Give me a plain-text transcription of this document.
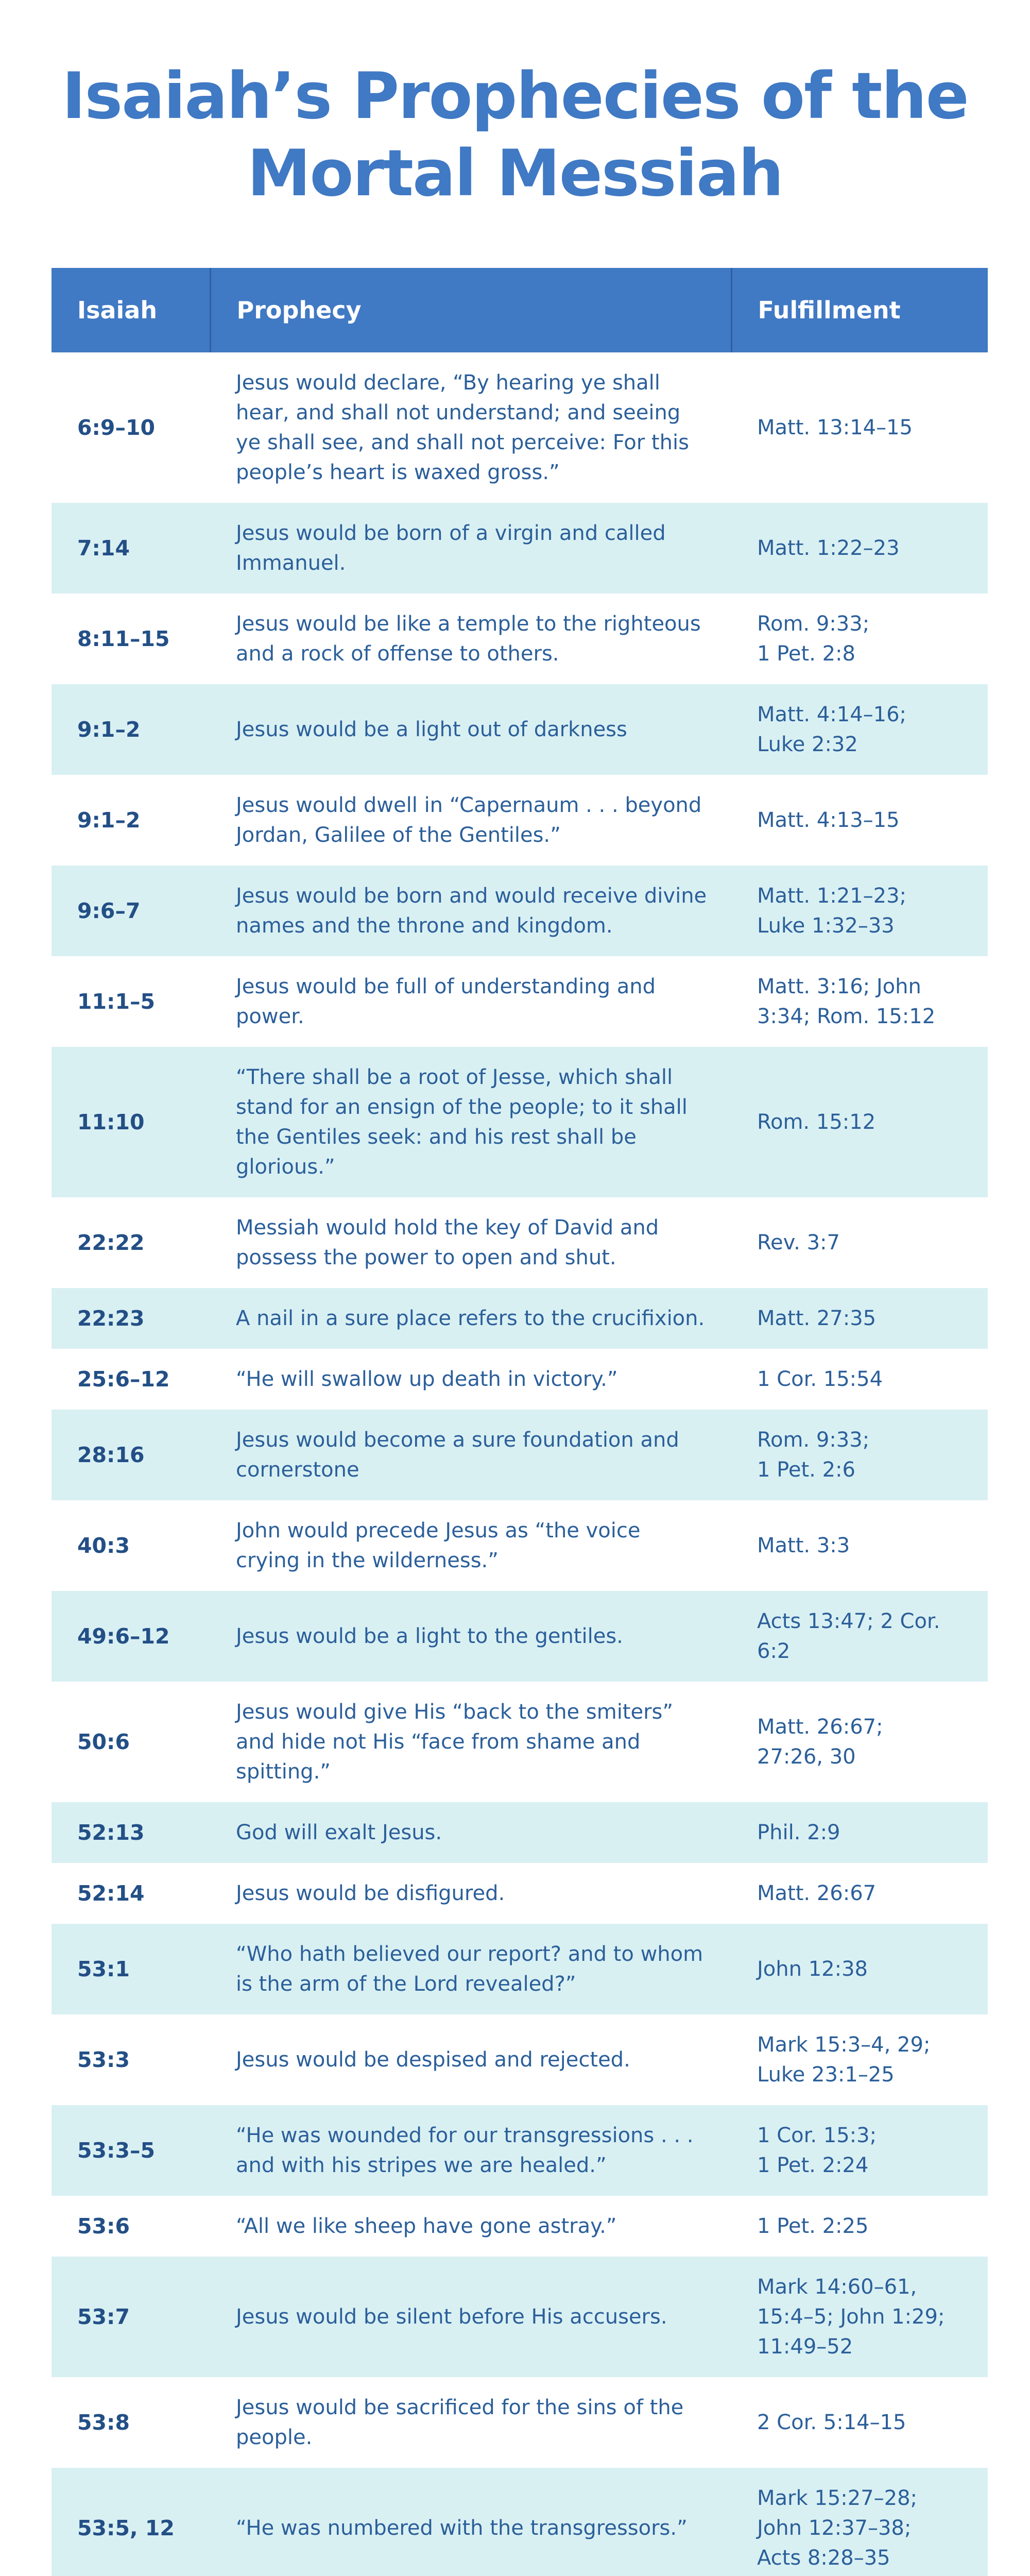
Isaiah’s Prophecies of the
Mortal Messiah
Isaiah	Prophecy	Fulfillment
6:9–10	Jesus would declare, “By hearing ye shall hear, and shall not understand; and seeing ye shall see, and shall not perceive: For this people’s heart is waxed gross.”	Matt. 13:14–15
7:14	Jesus would be born of a virgin and called Immanuel.	Matt. 1:22–23
8:11–15	Jesus would be like a temple to the righteous and a rock of offense to others.	Rom. 9:33;
1 Pet. 2:8
9:1–2	Jesus would be a light out of darkness	Matt. 4:14–16;
Luke 2:32
9:1–2	Jesus would dwell in “Capernaum . . . beyond Jordan, Galilee of the Gentiles.”	Matt. 4:13–15
9:6–7	Jesus would be born and would receive divine names and the throne and kingdom.	Matt. 1:21–23;
Luke 1:32–33
11:1–5	Jesus would be full of understanding and power.	Matt. 3:16; John 3:34; Rom. 15:12
11:10	“There shall be a root of Jesse, which shall stand for an ensign of the people; to it shall the Gentiles seek: and his rest shall be glorious.”	Rom. 15:12
22:22	Messiah would hold the key of David and possess the power to open and shut.	Rev. 3:7
22:23	A nail in a sure place refers to the crucifixion.	Matt. 27:35
25:6–12	“He will swallow up death in victory.”	1 Cor. 15:54
28:16	Jesus would become a sure foundation and cornerstone	Rom. 9:33;
1 Pet. 2:6
40:3	John would precede Jesus as “the voice crying in the wilderness.”	Matt. 3:3
49:6–12	Jesus would be a light to the gentiles.	Acts 13:47; 2 Cor. 6:2
50:6	Jesus would give His “back to the smiters” and hide not His “face from shame and spitting.”	Matt. 26:67;
27:26, 30
52:13	God will exalt Jesus.	Phil. 2:9
52:14	Jesus would be disfigured.	Matt. 26:67
53:1	“Who hath believed our report? and to whom is the arm of the Lord revealed?”	John 12:38
53:3	Jesus would be despised and rejected.	Mark 15:3–4, 29;
Luke 23:1–25
53:3–5	“He was wounded for our transgressions . . . and with his stripes we are healed.”	1 Cor. 15:3;
1 Pet. 2:24
53:6	“All we like sheep have gone astray.”	1 Pet. 2:25
53:7	Jesus would be silent before His accusers.	Mark 14:60–61, 15:4–5; John 1:29; 11:49–52
53:8	Jesus would be sacrificed for the sins of the people.	2 Cor. 5:14–15
53:5, 12	“He was numbered with the transgressors.”	Mark 15:27–28;
John 12:37–38;
Acts 8:28–35
